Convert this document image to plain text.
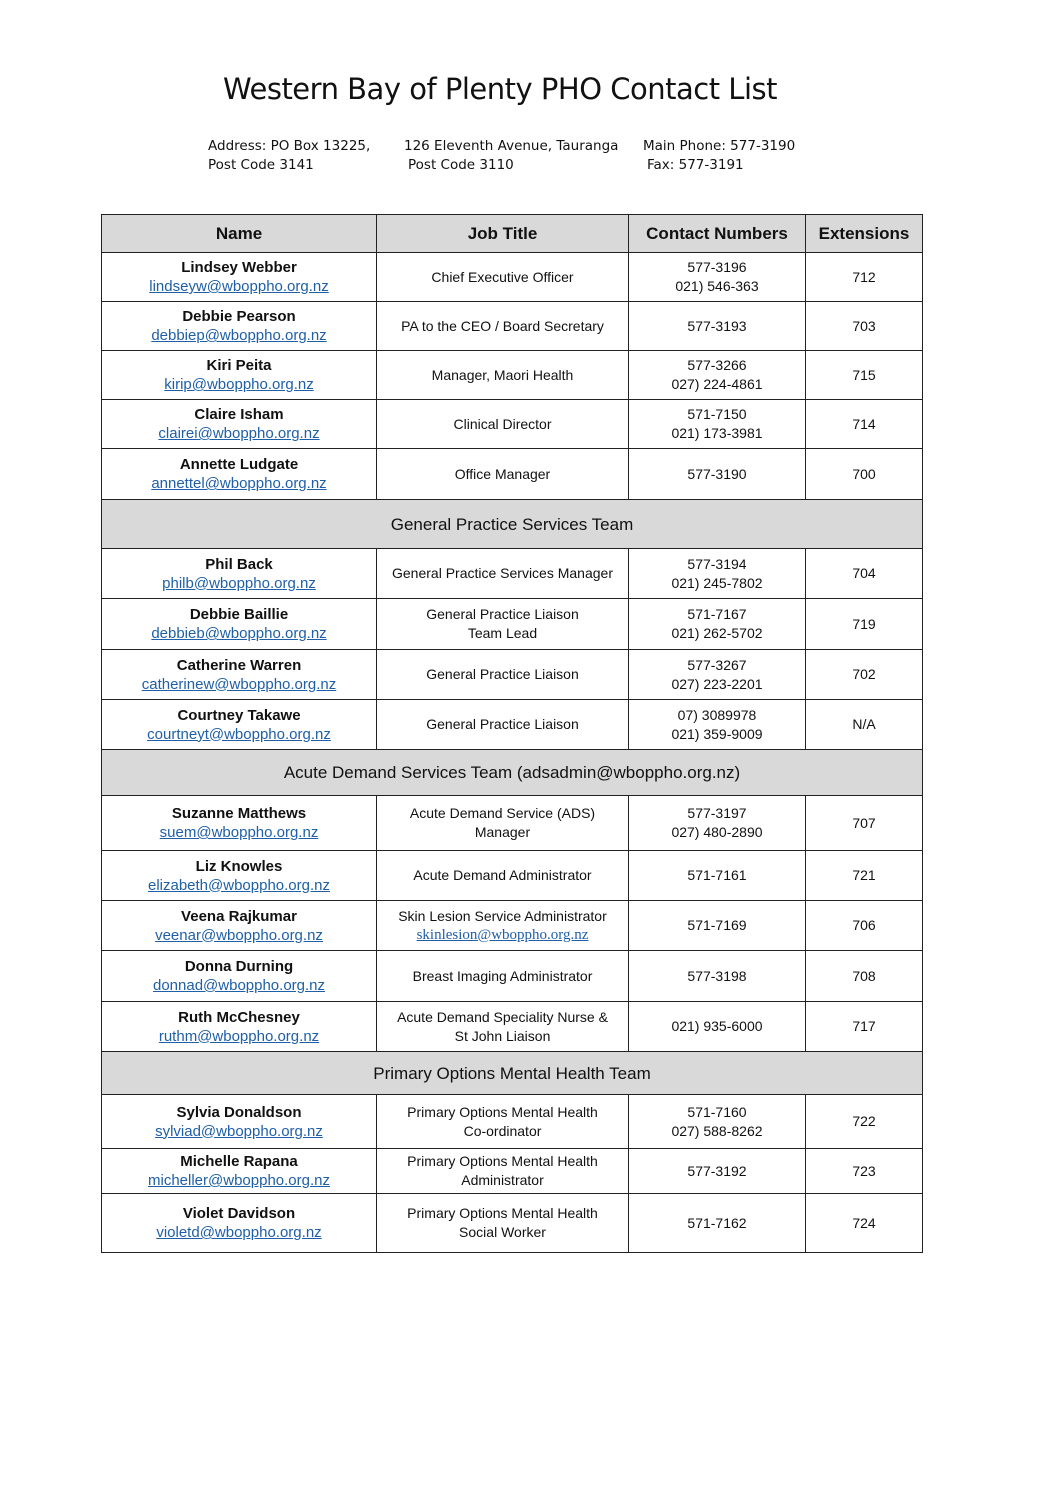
Western Bay of Plenty PHO Contact List
Address: PO Box 13225,
Post Code 3141
126 Eleventh Avenue, Tauranga
Post Code 3110
Main Phone: 577-3190
Fax: 577-3191
Name	Job Title	Contact Numbers	Extensions

Lindsey Webber
lindseyw@wboppho.org.nz	Chief Executive Officer	577-3196
021) 546-363	712

Debbie Pearson
debbiep@wboppho.org.nz	PA to the CEO / Board Secretary	577-3193	703

Kiri Peita
kirip@wboppho.org.nz	Manager, Maori Health	577-3266
027) 224-4861	715

Claire Isham
clairei@wboppho.org.nz	Clinical Director	571-7150
021) 173-3981	714

Annette Ludgate
annettel@wboppho.org.nz	Office Manager	577-3190	700
General Practice Services Team			

Phil Back
philb@wboppho.org.nz	General Practice Services Manager	577-3194
021) 245-7802	704

Debbie Baillie
debbieb@wboppho.org.nz	General Practice Liaison
Team Lead	571-7167
021) 262-5702	719

Catherine Warren
catherinew@wboppho.org.nz	General Practice Liaison	577-3267
027) 223-2201	702

Courtney Takawe
courtneyt@wboppho.org.nz	General Practice Liaison	07) 3089978
021) 359-9009	N/A
Acute Demand Services Team (adsadmin@wboppho.org.nz)			

Suzanne Matthews
suem@wboppho.org.nz	Acute Demand Service (ADS)
Manager	577-3197
027) 480-2890	707

Liz Knowles
elizabeth@wboppho.org.nz	Acute Demand Administrator	571-7161	721

Veena Rajkumar
veenar@wboppho.org.nz	Skin Lesion Service Administrator
skinlesion@wboppho.org.nz	571-7169	706

Donna Durning
donnad@wboppho.org.nz	Breast Imaging Administrator	577-3198	708

Ruth McChesney
ruthm@wboppho.org.nz	Acute Demand Speciality Nurse &
St John Liaison	021) 935-6000	717
Primary Options Mental Health Team			

Sylvia Donaldson
sylviad@wboppho.org.nz	Primary Options Mental Health
Co-ordinator	571-7160
027) 588-8262	722

Michelle Rapana
micheller@wboppho.org.nz	Primary Options Mental Health
Administrator	577-3192	723

Violet Davidson
violetd@wboppho.org.nz	Primary Options Mental Health
Social Worker	571-7162	724
